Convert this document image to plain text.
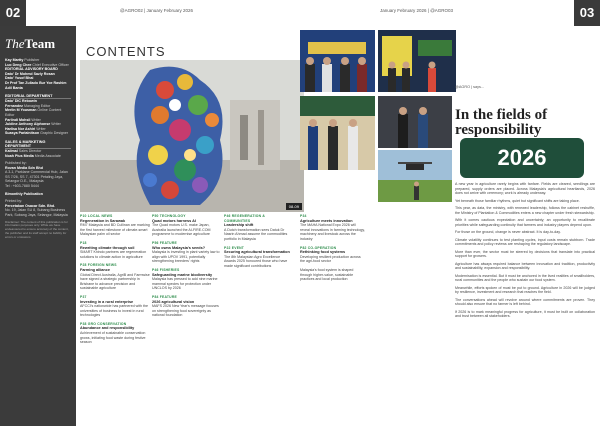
02	@AGRO02 | January February 2026
TheTeam
Kay Martty Publisher
Luo Deng Chee Chief Executive Officer
EDITORIAL ADVISORY BOARD
Dato' Dr Mohmd Sazly Rosan
Dato' Yusof Bhai
Dr Prof Tan Zuliado Bur Yoe Rashim
Adil Banta
EDITORIAL DEPARTMENT
Dato' DIC Rebowin
Fernandez Managing Editor
Merlin M Yousman Online Content Editor
Farlindi Mohsil Writer
Jubline Anthony Alphonse Writer
Harlisa Nor Ashiri Writer
Suasya Parlainitson Graphic Designer
SALES & MARKETING DEPARTMENT
Kalimal Sales Director
Noah Pius Media Media Associate
Published by:
Rovan Media Sdn Bhd
A 3-1, Parklane Commercial Hub, Jalan SS 7/26, SS 7, 47301 Petaling Jaya, Selangor D.E., Malaysia
Tel : +603-7880 5444
Bimonthly Publication
Printed by:
Percetakan Osacar Sdn. Bhd.
No. 19, Jalan SU 8, Subang Business Park, Subang Jaya, Selangor, Malaysia
Disclaimer: The content of this publication is for information purposes only. While we have endeavoured to ensure accuracy of the content, the publisher and its staff accept no liability for errors or omissions.
CONTENTS
08-09
P10 LOCAL NEWS
Regeneration in Sarawak
RM7 Malaysia and BD Cullinan are marking the first harvest milestone of climate-smart Malaysian palm oil sector
P18
Rewriting climate through soil
SMART Khindo partners are regeneration solutions to climate action in agriculture
P28 FOREIGN NEWS
Farming alliance
Global Direct Australia, AgriB and Farmwise have signed a strategic partnership in Brisbane to advance precision and sustainable agriculture
P37
Investing in a rural enterprise
AFCCI's nationwide has partnered with the universities of business to invest in rural technologies
P38 GRO CONSERVATION
Abundance and responsibility
Achievement of sustainable conservation grows, initiating food waste during festive season
P50 TECHNOLOGY
Quad motors harness AI
The Quad motors U.S. make Japan, Australia launched the AI-FIRE.COM programme to modernise agriculture
P56 FEATURE
Who owns Malaysia's seeds?
Malaysia is investing in plant variety law to align with UPOV 1991, potentially strengthening breeders' rights
P46 FISHERIES
Safeguarding marine biodiversity
Malaysia has pressed to add nine marine mammal species for protection under UNCLOS by 2026
P84 FEATURE
2026 agricultural vision
MAFS 2026 New Year's message focuses on strengthening food sovereignty as national foundation
P46 REGENERATION & COMMUNITIES
Leadership shift
A Dutch transformation sees Datuk Dr Nasrin Ahmad assume the commodities portfolio in Malaysia
P22 EVENT
Securing agricultural transformation
The 8th Malaysian Agro Excellence Awards 2025 honoured those who have made significant contributions
January February 2026 | @AGRO03	03
P34
Agriculture meets innovation
The MAHA National Expo 2026 will reveal innovations in farming technology, machinery and livestock across the industry
P82 CO-OPERATION
Rethinking food systems
Developing resilient production across the agri-food sector
Malaysia's food system is shaped through higher-value, sustainable practices and local production
@AGRO | says...
In the fields of responsibility
2026

A new year in agriculture rarely begins with fanfare. Fields are cleared, seedlings are prepared, supply orders are placed. Across Malaysia's agricultural heartlands, 2026 does not arrive with ceremony; work is already underway.

Yet beneath those familiar rhythms, quiet but significant shifts are taking place.

This year, as data, the ministry, with renewed leadership, follows the cabinet reshuffle, the Ministry of Plantation & Commodities enters a new chapter under fresh stewardship.

With it comes cautious expectation and uncertainty; an opportunity to recalibrate priorities while safeguarding continuity that farmers and industry players depend upon.

For those on the ground, change is never abstract. It is day-to-day.

Climate volatility continues to test planting cycles, input costs remain stubborn. Trade commitments and policy reviews are reshaping the regulatory landscape.

More than ever, the sector must be steered by decisions that translate into practical support for growers.

Agriculture has always required balance between innovation and tradition, productivity and sustainability, expansion and responsibility.

Modernisation is essential. But it must be anchored in the lived realities of smallholders, rural communities and the people who sustain our food system.

Meanwhile, efforts spoken of must be put to ground. Agriculture in 2026 will be judged by resilience, investment and research that reaches the field.

The conversations ahead will revolve around where commitments are proven. They should also ensure that no farmer is left behind.

If 2026 is to mark meaningful progress for agriculture, it must be built on collaboration and trust between all stakeholders.
